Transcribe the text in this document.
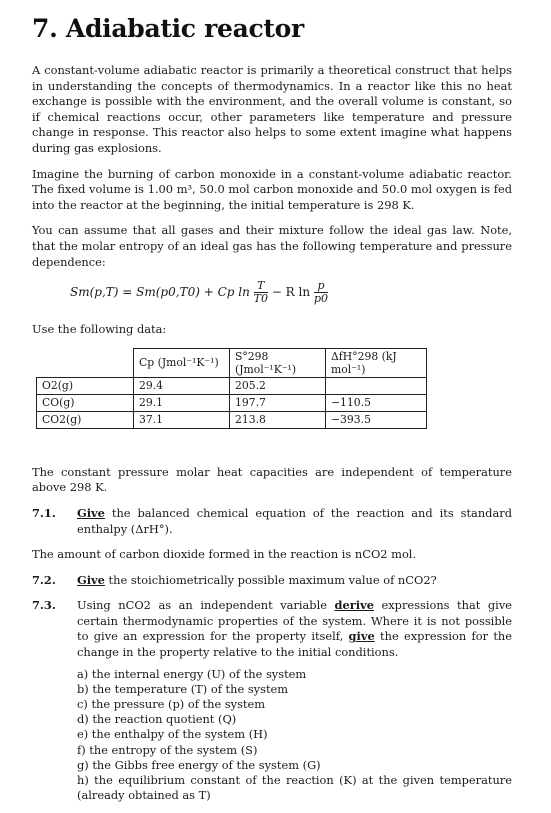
7. Adiabatic reactor

A constant-volume adiabatic reactor is primarily a theoretical construct that helps in understanding the concepts of thermodynamics. In a reactor like this no heat exchange is possible with the environment, and the overall volume is constant, so if chemical reactions occur, other parameters like temperature and pressure change in response. This reactor also helps to some extent imagine what happens during gas explosions.

Imagine the burning of carbon monoxide in a constant-volume adiabatic reactor. The fixed volume is 1.00 m³, 50.0 mol carbon monoxide and 50.0 mol oxygen is fed into the reactor at the beginning, the initial temperature is 298 K.

You can assume that all gases and their mixture follow the ideal gas law. Note, that the molar entropy of an ideal gas has the following temperature and pressure dependence:

Sm(p,T) = Sm(p0,T0) + Cp $\ln \frac{T}{T0} - R$ $\ln \frac{p}{p0}$

Use the following data:

	Cp (Jmol⁻¹K⁻¹)	S°298 (Jmol⁻¹K⁻¹)	ΔfH°298 (kJ mol⁻¹)
O2(g)	29.4	205.2	
CO(g)	29.1	197.7	−110.5
CO2(g)	37.1	213.8	−393.5

The constant pressure molar heat capacities are independent of temperature above 298 K.

7.1.	Give the balanced chemical equation of the reaction and its standard enthalpy (ΔrH°).

The amount of carbon dioxide formed in the reaction is nCO2 mol.

7.2.	Give the stoichiometrically possible maximum value of nCO2?
7.3.	Using nCO2 as an independent variable derive expressions that give certain thermodynamic properties of the system. Where it is not possible to give an expression for the property itself, give the expression for the change in the property relative to the initial conditions.
a) the internal energy (U) of the system
b) the temperature (T) of the system
c) the pressure (p) of the system
d) the reaction quotient (Q)
e) the enthalpy of the system (H)
f) the entropy of the system (S)
g) the Gibbs free energy of the system (G)
h) the equilibrium constant of the reaction (K) at the given temperature (already obtained as T)
